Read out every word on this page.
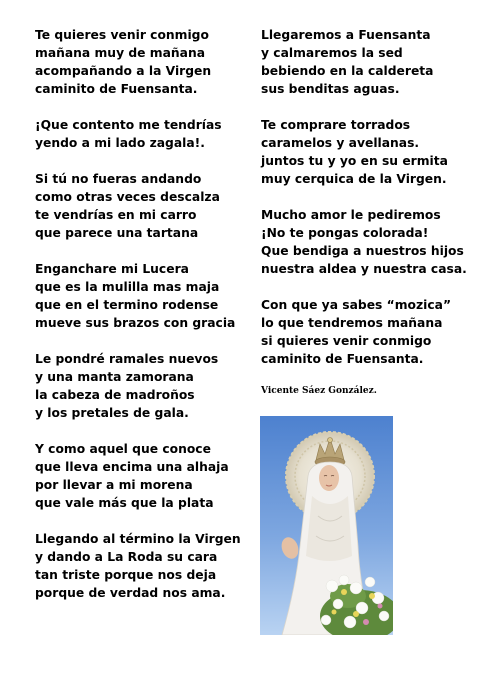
Te quieres venir conmigo
mañana muy de mañana
acompañando a la Virgen
caminito de Fuensanta.
¡Que contento me tendrías
yendo a mi lado zagala!.
Si tú no fueras andando
como otras veces descalza
te vendrías en mi carro
que parece una tartana
Enganchare mi Lucera
que es la mulilla mas maja
que en el termino rodense
mueve sus brazos con gracia
Le pondré ramales nuevos
y una manta zamorana
la cabeza de madroños
y los pretales de gala.
Y como aquel que conoce
que lleva encima una alhaja
por llevar a mi morena
que vale más que la plata
Llegando al término la Virgen
y dando a La Roda su cara
tan triste porque nos deja
porque de verdad nos ama.
Llegaremos a Fuensanta
y calmaremos la sed
bebiendo en la caldereta
sus benditas aguas.
Te comprare torrados
caramelos y avellanas.
juntos tu y yo en su ermita
muy cerquica de la Virgen.
Mucho amor le pediremos
¡No te pongas colorada!
Que bendiga a nuestros hijos
nuestra aldea y nuestra casa.
Con que ya sabes “mozica”
lo que tendremos mañana
si quieres venir conmigo
caminito de Fuensanta.
Vicente Sáez González.
